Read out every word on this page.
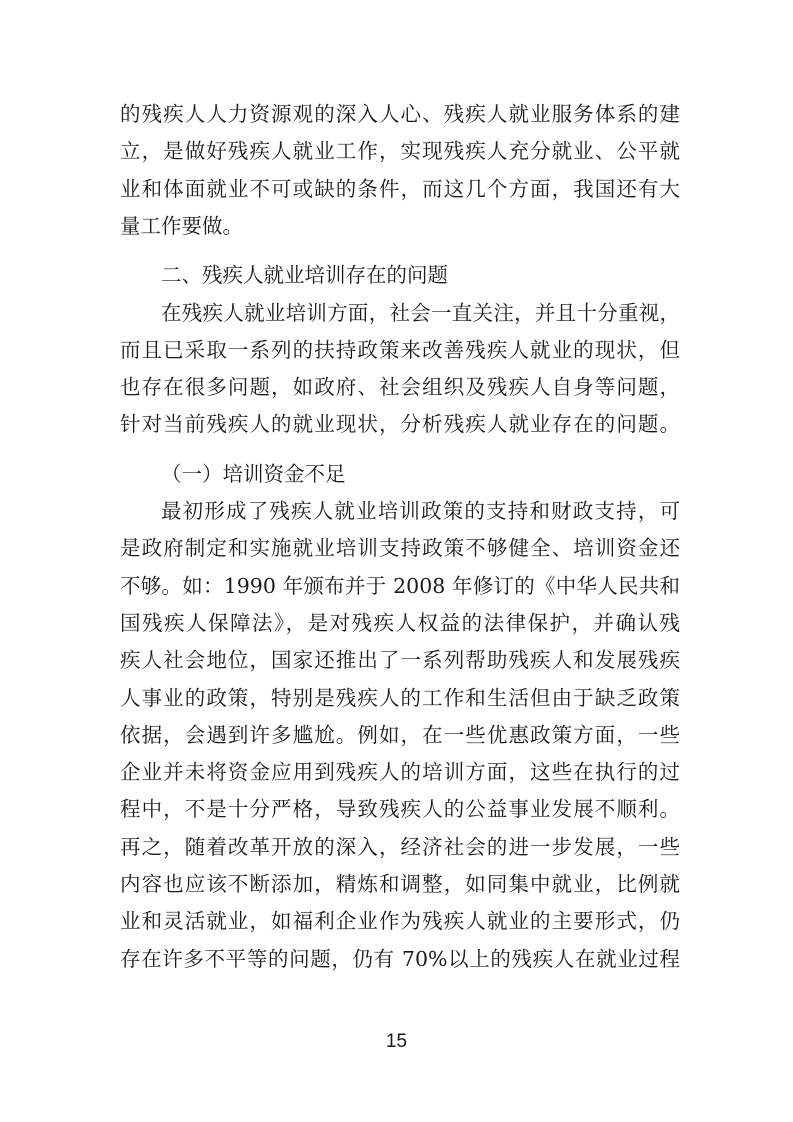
的残疾人人力资源观的深入人心、残疾人就业服务体系的建
立，是做好残疾人就业工作，实现残疾人充分就业、公平就
业和体面就业不可或缺的条件，而这几个方面，我国还有大
量工作要做。
二、残疾人就业培训存在的问题
在残疾人就业培训方面，社会一直关注，并且十分重视，
而且已采取一系列的扶持政策来改善残疾人就业的现状，但
也存在很多问题，如政府、社会组织及残疾人自身等问题，
针对当前残疾人的就业现状，分析残疾人就业存在的问题。
（一）培训资金不足
最初形成了残疾人就业培训政策的支持和财政支持，可
是政府制定和实施就业培训支持政策不够健全、培训资金还
不够。如：1990 年颁布并于 2008 年修订的《中华人民共和
国残疾人保障法》，是对残疾人权益的法律保护，并确认残
疾人社会地位，国家还推出了一系列帮助残疾人和发展残疾
人事业的政策，特别是残疾人的工作和生活但由于缺乏政策
依据，会遇到许多尴尬。例如，在一些优惠政策方面，一些
企业并未将资金应用到残疾人的培训方面，这些在执行的过
程中，不是十分严格，导致残疾人的公益事业发展不顺利。
再之，随着改革开放的深入，经济社会的进一步发展，一些
内容也应该不断添加，精炼和调整，如同集中就业，比例就
业和灵活就业，如福利企业作为残疾人就业的主要形式，仍
存在许多不平等的问题，仍有 70%以上的残疾人在就业过程
15
